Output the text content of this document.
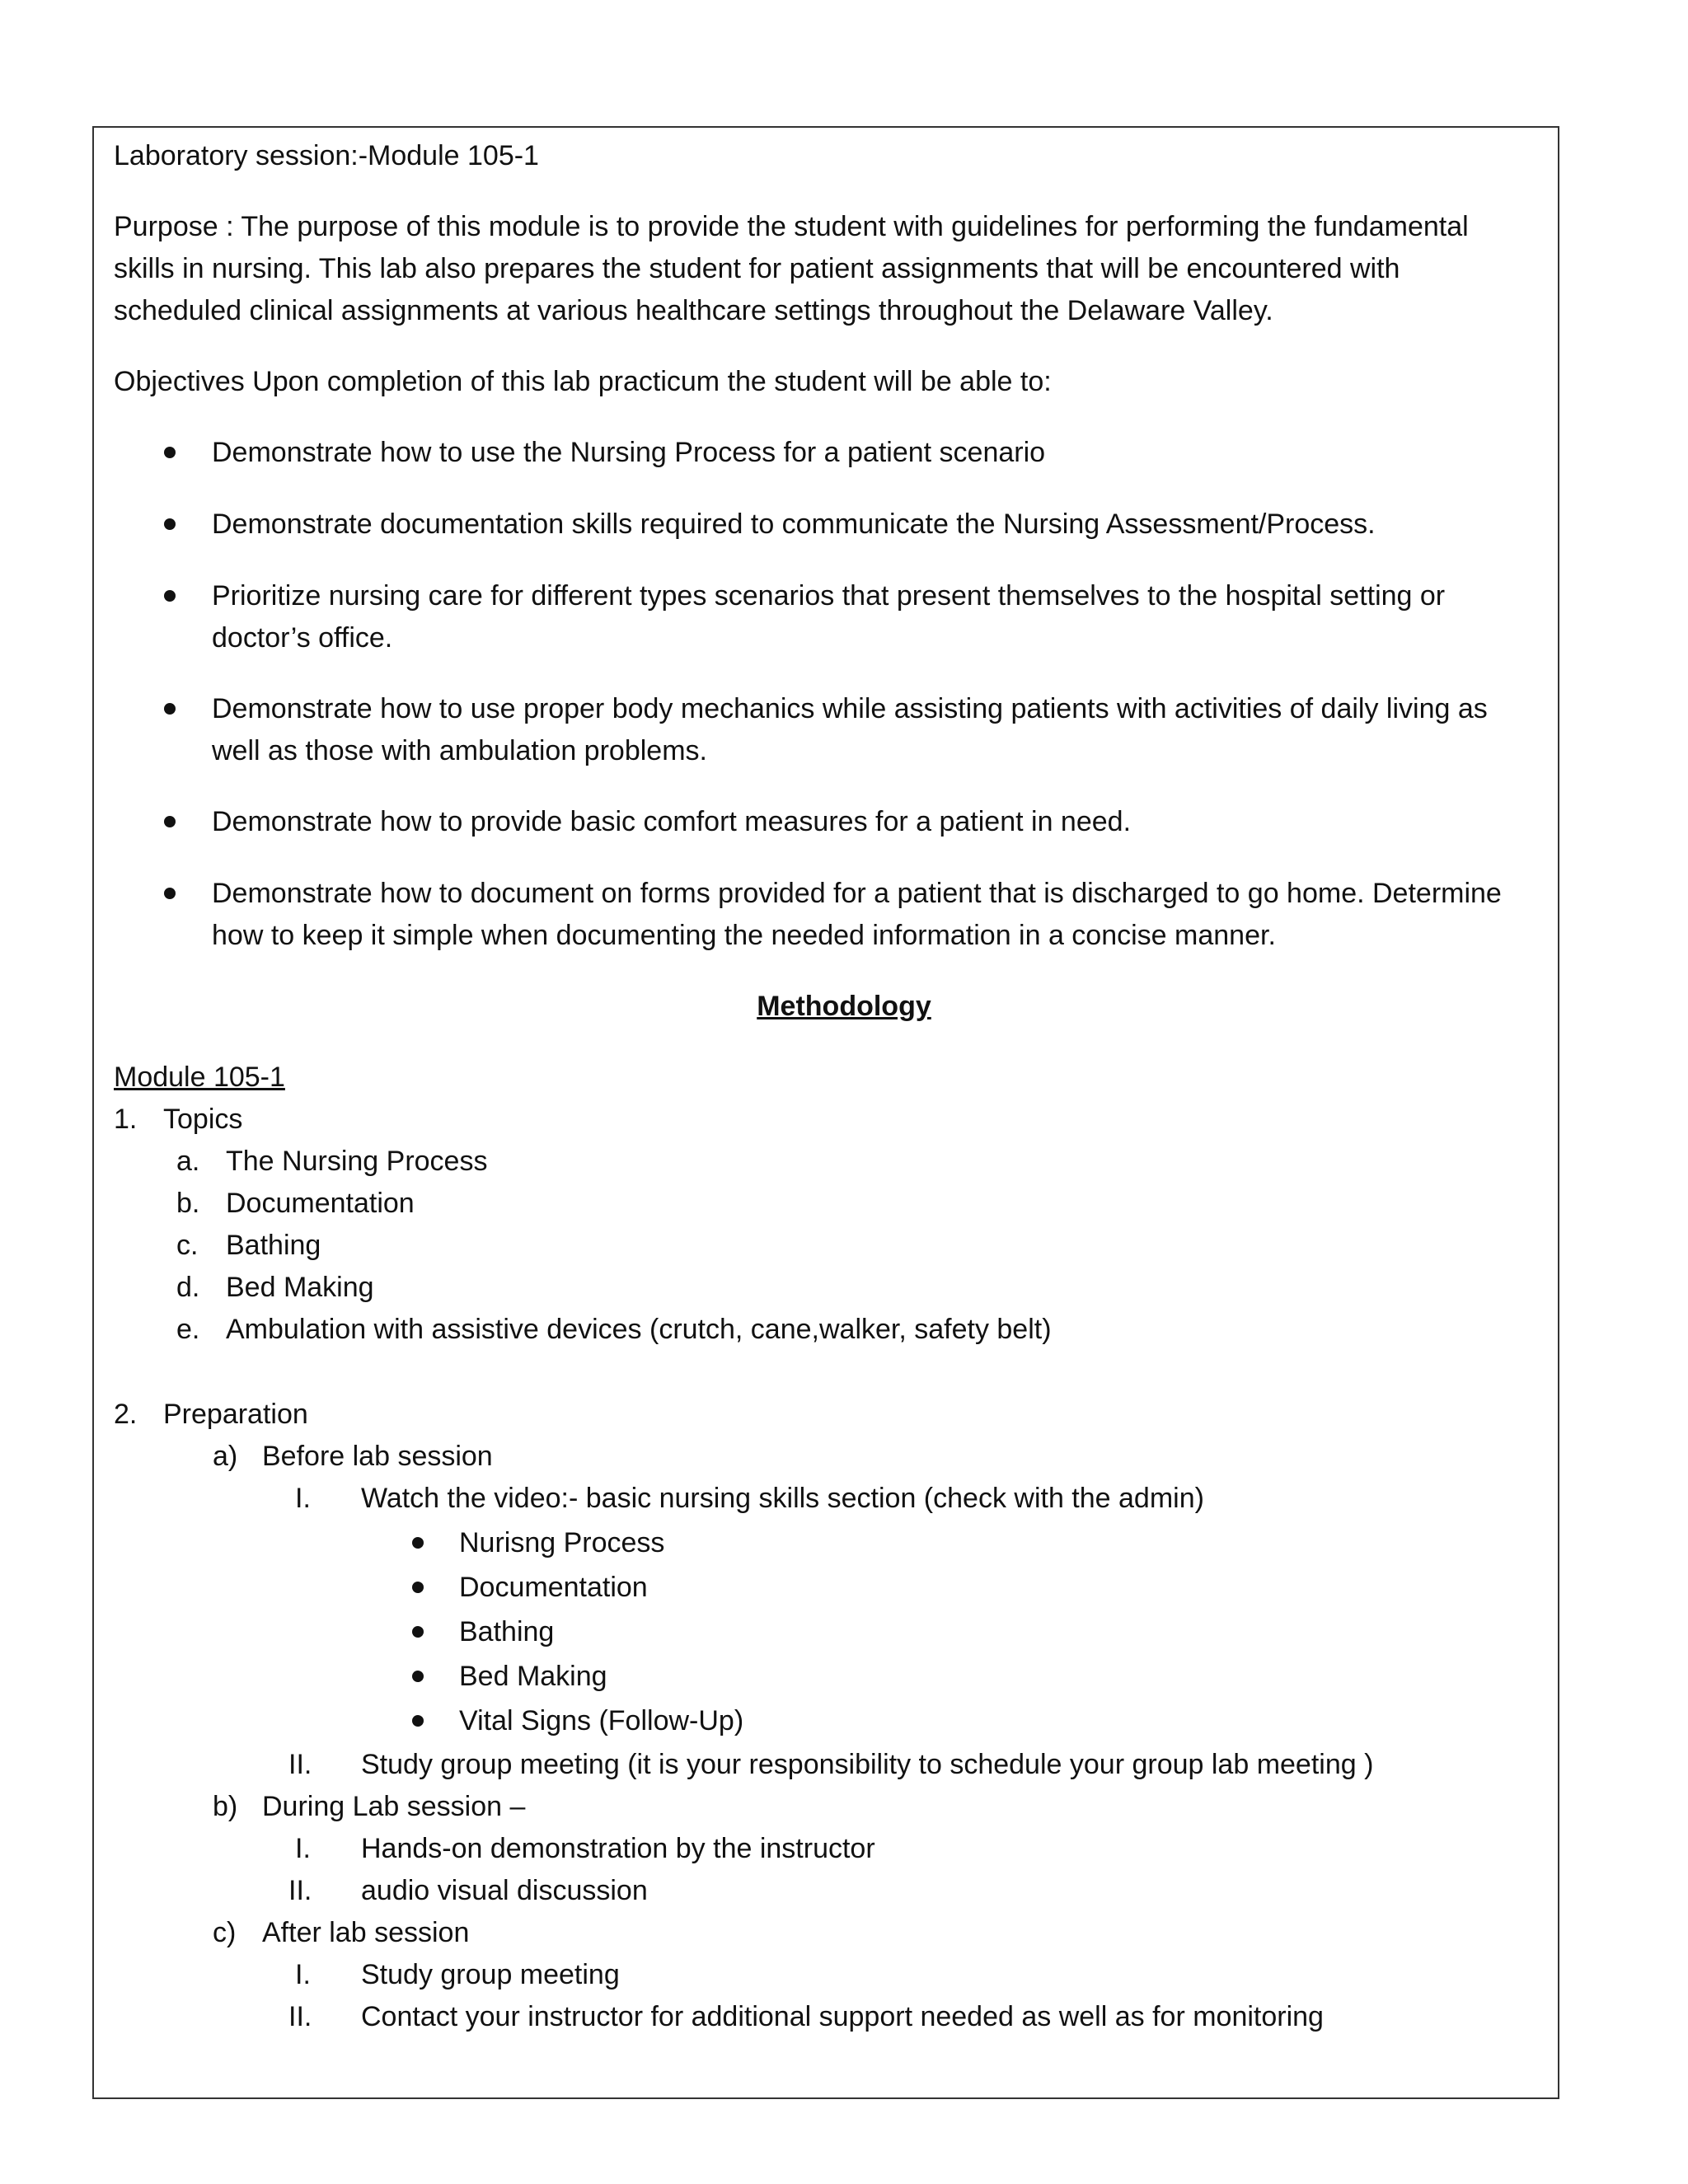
Laboratory session:-Module 105-1
Purpose : The purpose of this module is to provide the student with guidelines for performing the fundamental
skills in nursing. This lab also prepares the student for patient assignments that will be encountered with
scheduled clinical assignments at various healthcare settings throughout the Delaware Valley.
Objectives Upon completion of this lab practicum the student will be able to:
Demonstrate how to use the Nursing Process for a patient scenario
Demonstrate documentation skills required to communicate the Nursing Assessment/Process.
Prioritize nursing care for different types scenarios that present themselves to the hospital setting or
doctor’s office.
Demonstrate how to use proper body mechanics while assisting patients with activities of daily living as
well as those with ambulation problems.
Demonstrate how to provide basic comfort measures for a patient in need.
Demonstrate how to document on forms provided for a patient that is discharged to go home. Determine
how to keep it simple when documenting the needed information in a concise manner.
Methodology
Module 105-1
1. Topics
a. The Nursing Process
b. Documentation
c. Bathing
d. Bed Making
e. Ambulation with assistive devices (crutch, cane,walker, safety belt)
2. Preparation
a) Before lab session
I. Watch the video:- basic nursing skills section (check with the admin)
Nurisng Process
Documentation
Bathing
Bed Making
Vital Signs (Follow-Up)
II. Study group meeting (it is your responsibility to schedule your group lab meeting )
b) During Lab session –
I. Hands-on demonstration by the instructor
II. audio visual discussion
c) After lab session
I. Study group meeting
II. Contact your instructor for additional support needed as well as for monitoring
